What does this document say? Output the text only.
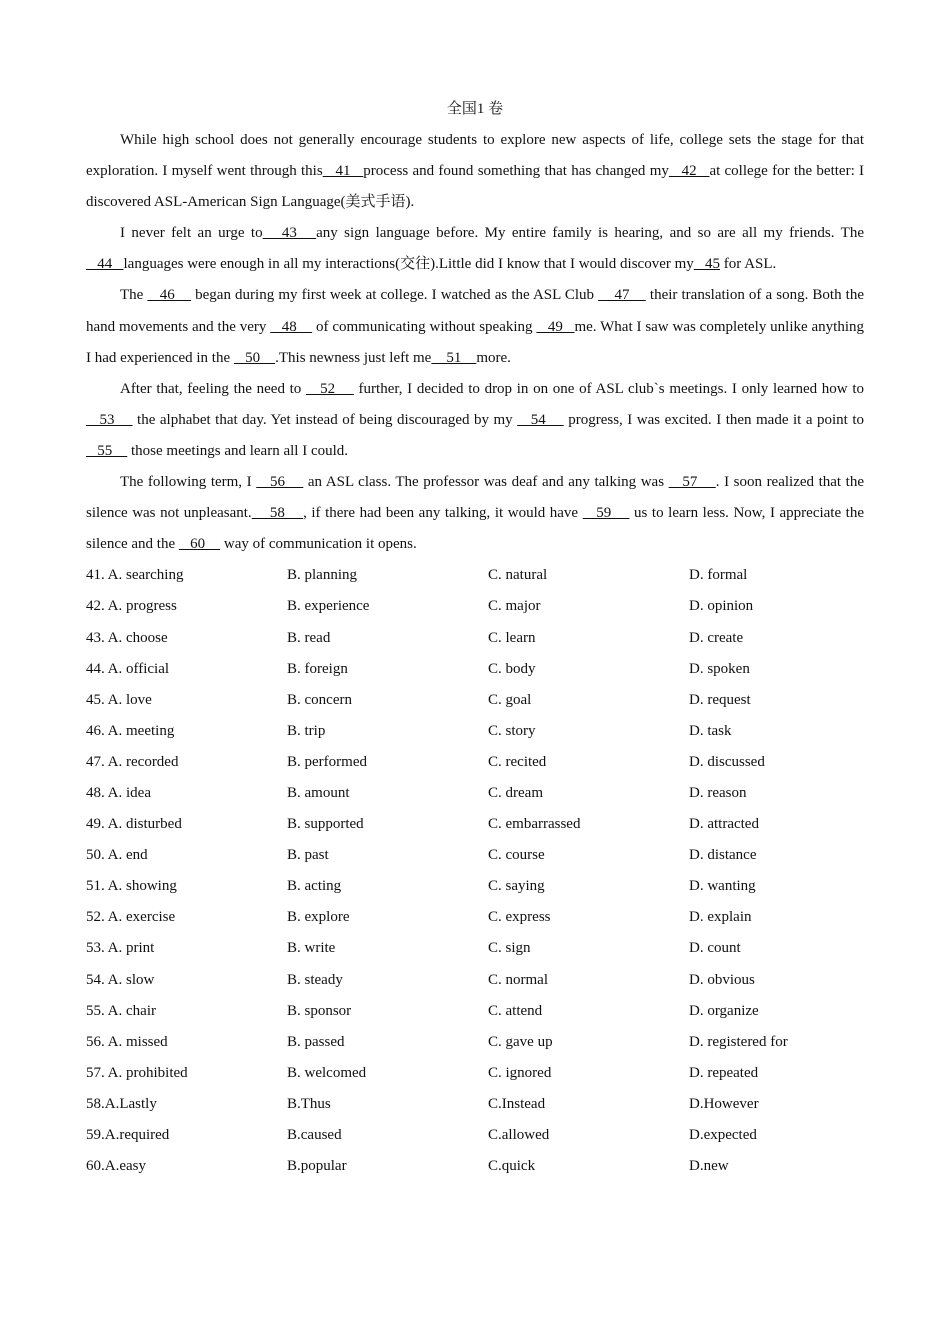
全国1 卷

While high school does not generally encourage students to explore new aspects of life, college sets the stage for that exploration. I myself went through this   41   process and found something that has changed my   42   at college for the better: I discovered ASL-American Sign Language(美式手语).

I never felt an urge to   43   any sign language before. My entire family is hearing, and so are all my friends. The   44   languages were enough in all my interactions(交往).Little did I know that I would discover my   45 for ASL.

The    46     began during my first week at college. I watched as the ASL Club     47     their translation of a song. Both the hand movements and the very    48     of communicating without speaking    49   me. What I saw was completely unlike anything I had experienced in the    50    .This newness just left me    51    more.

After that, feeling the need to    52     further, I decided to drop in on one of ASL club`s meetings. I only learned how to    53     the alphabet that day. Yet instead of being discouraged by my    54     progress, I was excited. I then made it a point to    55     those meetings and learn all I could.

The following term, I    56     an ASL class. The professor was deaf and any talking was    57    . I soon realized that the silence was not unpleasant.    58    , if there had been any talking, it would have    59     us to learn less. Now, I appreciate the silence and the    60     way of communication it opens.

41. A. searching	B. planning	C. natural	D. formal
42. A. progress	B. experience	C. major	D. opinion
43. A. choose	B. read	C. learn	D. create
44. A. official	B. foreign	C. body	D. spoken
45. A. love	B. concern	C. goal	D. request
46. A. meeting	B. trip	C. story	D. task
47. A. recorded	B. performed	C. recited	D. discussed
48. A. idea	B. amount	C. dream	D. reason
49. A. disturbed	B. supported	C. embarrassed	D. attracted
50. A. end	B. past	C. course	D. distance
51. A. showing	B. acting	C. saying	D. wanting
52. A. exercise	B. explore	C. express	D. explain
53. A. print	B. write	C. sign	D. count
54. A. slow	B. steady	C. normal	D. obvious
55. A. chair	B. sponsor	C. attend	D. organize
56. A. missed	B. passed	C. gave up	D. registered for
57. A. prohibited	B. welcomed	C. ignored	D. repeated
58.A.Lastly	B.Thus	C.Instead	D.However
59.A.required	B.caused	C.allowed	D.expected
60.A.easy	B.popular	C.quick	D.new
